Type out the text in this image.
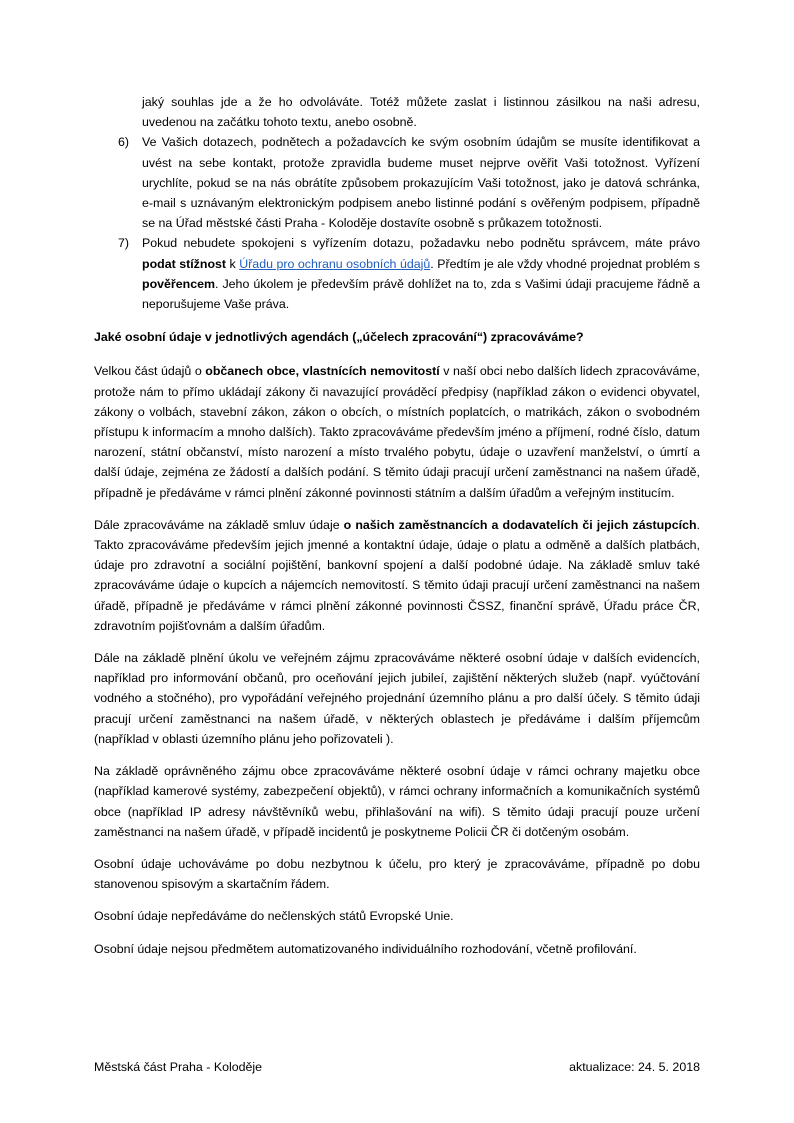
jaký souhlas jde a že ho odvoláváte. Totéž můžete zaslat i listinnou zásilkou na naši adresu, uvedenou na začátku tohoto textu, anebo osobně.

6) Ve Vašich dotazech, podnětech a požadavcích ke svým osobním údajům se musíte identifikovat a uvést na sebe kontakt, protože zpravidla budeme muset nejprve ověřit Vaši totožnost. Vyřízení urychlíte, pokud se na nás obrátíte způsobem prokazujícím Vaši totožnost, jako je datová schránka, e-mail s uznávaným elektronickým podpisem anebo listinné podání s ověřeným podpisem, případně se na Úřad městské části Praha - Koloděje dostavíte osobně s průkazem totožnosti.
7) Pokud nebudete spokojeni s vyřízením dotazu, požadavku nebo podnětu správcem, máte právo podat stížnost k Úřadu pro ochranu osobních údajů. Předtím je ale vždy vhodné projednat problém s pověřencem. Jeho úkolem je především právě dohlížet na to, zda s Vašimi údaji pracujeme řádně a neporušujeme Vaše práva.
Jaké osobní údaje v jednotlivých agendách („účelech zpracování“) zpracováváme?

Velkou část údajů o občanech obce, vlastnících nemovitostí v naší obci nebo dalších lidech zpracováváme, protože nám to přímo ukládají zákony či navazující prováděcí předpisy (například zákon o evidenci obyvatel, zákony o volbách, stavební zákon, zákon o obcích, o místních poplatcích, o matrikách, zákon o svobodném přístupu k informacím a mnoho dalších). Takto zpracováváme především jméno a příjmení, rodné číslo, datum narození, státní občanství, místo narození a místo trvalého pobytu, údaje o uzavření manželství, o úmrtí a další údaje, zejména ze žádostí a dalších podání. S těmito údaji pracují určení zaměstnanci na našem úřadě, případně je předáváme v rámci plnění zákonné povinnosti státním a dalším úřadům a veřejným institucím.

Dále zpracováváme na základě smluv údaje o našich zaměstnancích a dodavatelích či jejich zástupcích. Takto zpracováváme především jejich jmenné a kontaktní údaje, údaje o platu a odměně a dalších platbách, údaje pro zdravotní a sociální pojištění, bankovní spojení a další podobné údaje. Na základě smluv také zpracováváme údaje o kupcích a nájemcích nemovitostí. S těmito údaji pracují určení zaměstnanci na našem úřadě, případně je předáváme v rámci plnění zákonné povinnosti ČSSZ, finanční správě, Úřadu práce ČR, zdravotním pojišťovnám a dalším úřadům.

Dále na základě plnění úkolu ve veřejném zájmu zpracováváme některé osobní údaje v dalších evidencích, například pro informování občanů, pro oceňování jejich jubileí, zajištění některých služeb (např. vyúčtování vodného a stočného), pro vypořádání veřejného projednání územního plánu a pro další účely. S těmito údaji pracují určení zaměstnanci na našem úřadě, v některých oblastech je předáváme i dalším příjemcům (například v oblasti územního plánu jeho pořizovateli ).

Na základě oprávněného zájmu obce zpracováváme některé osobní údaje v rámci ochrany majetku obce (například kamerové systémy, zabezpečení objektů), v rámci ochrany informačních a komunikačních systémů obce (například IP adresy návštěvníků webu, přihlašování na wifi). S těmito údaji pracují pouze určení zaměstnanci na našem úřadě, v případě incidentů je poskytneme Policii ČR či dotčeným osobám.

Osobní údaje uchováváme po dobu nezbytnou k účelu, pro který je zpracováváme, případně po dobu stanovenou spisovým a skartačním řádem.

Osobní údaje nepředáváme do nečlenských států Evropské Unie.

Osobní údaje nejsou předmětem automatizovaného individuálního rozhodování, včetně profilování.

Městská část Praha - Koloděje	aktualizace: 24. 5. 2018
